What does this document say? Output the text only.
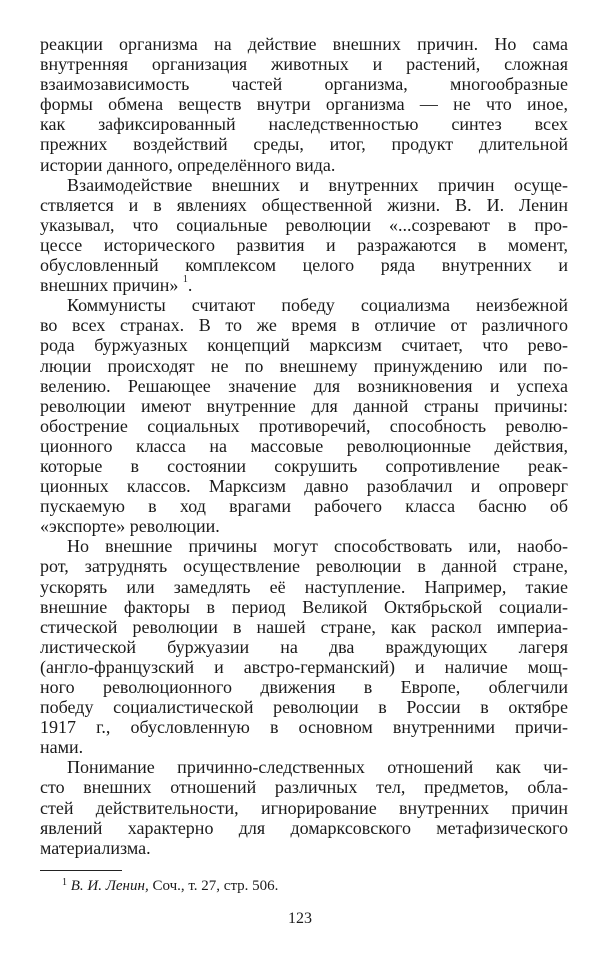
реакции организма на действие внешних причин. Но сама
внутренняя организация животных и растений, сложная
взаимозависимость частей организма, многообразные
формы обмена веществ внутри организма — не что иное,
как зафиксированный наследственностью синтез всех
прежних воздействий среды, итог, продукт длительной
истории данного, определённого вида.
Взаимодействие внешних и внутренних причин осуще-
ствляется и в явлениях общественной жизни. В. И. Ленин
указывал, что социальные революции «...созревают в про-
цессе исторического развития и разражаются в момент,
обусловленный комплексом целого ряда внутренних и
внешних причин» $^1$.
Коммунисты считают победу социализма неизбежной
во всех странах. В то же время в отличие от различного
рода буржуазных концепций марксизм считает, что рево-
люции происходят не по внешнему принуждению или по-
велению. Решающее значение для возникновения и успеха
революции имеют внутренние для данной страны причины:
обострение социальных противоречий, способность револю-
ционного класса на массовые революционные действия,
которые в состоянии сокрушить сопротивление реак-
ционных классов. Марксизм давно разоблачил и опроверг
пускаемую в ход врагами рабочего класса басню об
«экспорте» революции.
Но внешние причины могут способствовать или, наобо-
рот, затруднять осуществление революции в данной стране,
ускорять или замедлять её наступление. Например, такие
внешние факторы в период Великой Октябрьской социали-
стической революции в нашей стране, как раскол империа-
листической буржуазии на два враждующих лагеря
(англо-французский и австро-германский) и наличие мощ-
ного революционного движения в Европе, облегчили
победу социалистической революции в России в октябре
1917 г., обусловленную в основном внутренними причи-
нами.
Понимание причинно-следственных отношений как чи-
сто внешних отношений различных тел, предметов, обла-
стей действительности, игнорирование внутренних причин
явлений характерно для домарксовского метафизического
материализма.
$^1$ В. И. Ленин, Соч., т. 27, стр. 506.
123
